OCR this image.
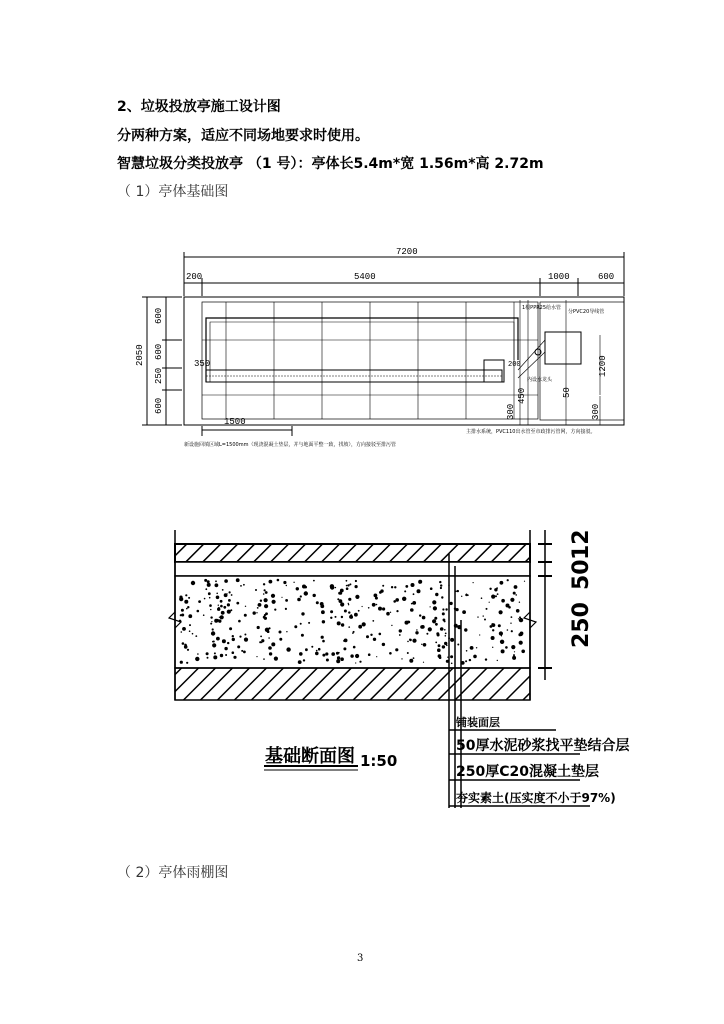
2、垃圾投放亭施工设计图
分两种方案，适应不同场地要求时使用。
智慧垃圾分类投放亭 （1 号）：亭体长5.4m*宽 1.56m*高 2.72m
（ 1）亭体基础图
7200
200	5400	1000	600
350
1500
2050
600
600
250
600
1200
300
450
300
50
200
1根PPR25给水管
分PVC20导线管
内设水龙头
主排水系统，PVC110出水管至市政排污管网，方向接驳。
新设施回填区域L=1500mm（现浇混凝土垫层，并与地面平整一致，找坡），方向接驳至排污管
250
50
12
基础断面图 1:50
铺装面层
50厚水泥砂浆找平垫结合层
250厚C20混凝土垫层
夯实素土(压实度不小于97%)
（ 2）亭体雨棚图
3
